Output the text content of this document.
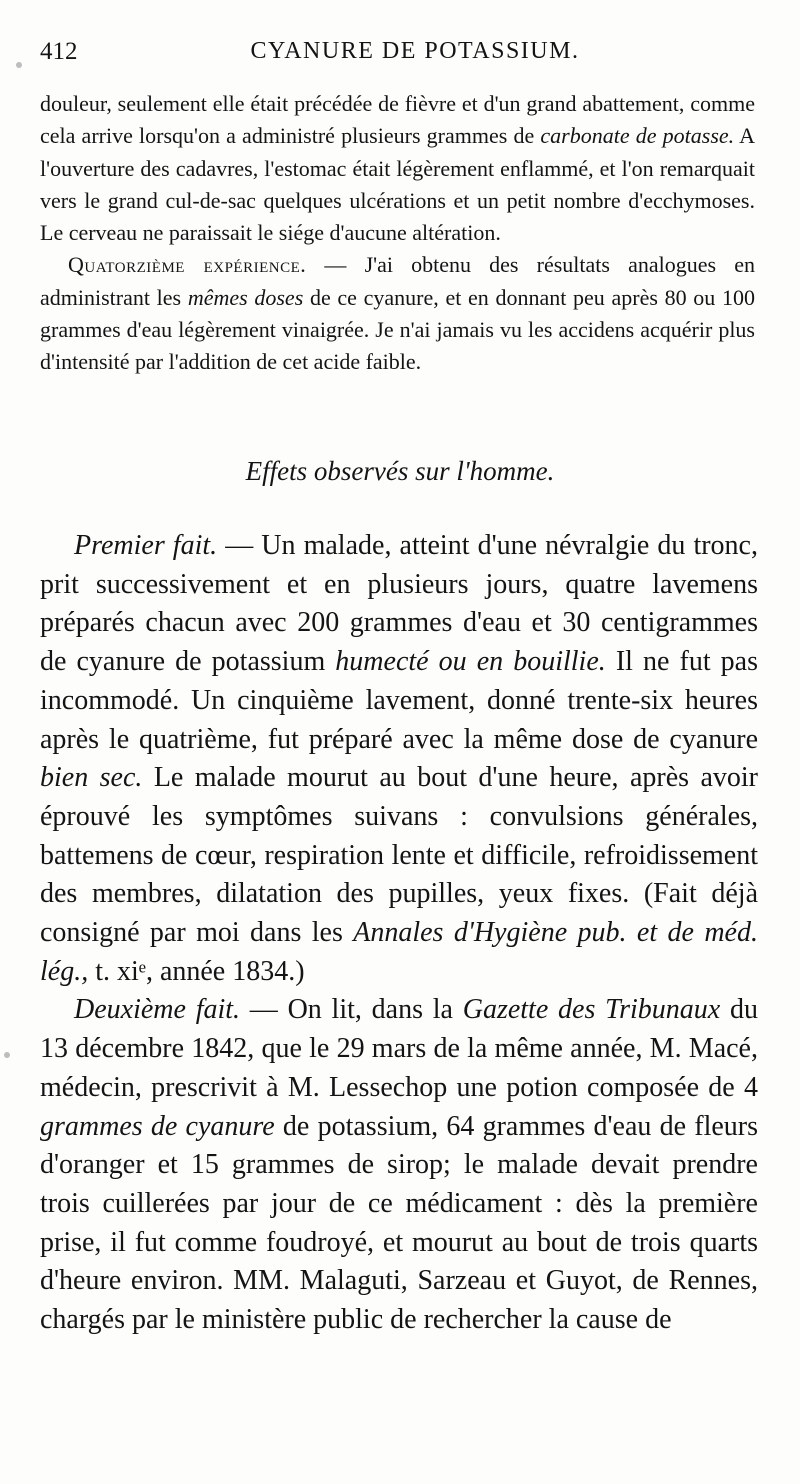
412	CYANURE DE POTASSIUM.

douleur, seulement elle était précédée de fièvre et d'un grand abattement, comme cela arrive lorsqu'on a administré plusieurs grammes de carbonate de potasse. A l'ouverture des cadavres, l'estomac était légèrement enflammé, et l'on remarquait vers le grand cul-de-sac quelques ulcérations et un petit nombre d'ecchymoses. Le cerveau ne paraissait le siége d'aucune altération.

Quatorzième expérience. — J'ai obtenu des résultats analogues en administrant les mêmes doses de ce cyanure, et en donnant peu après 80 ou 100 grammes d'eau légèrement vinaigrée. Je n'ai jamais vu les accidens acquérir plus d'intensité par l'addition de cet acide faible.

Effets observés sur l'homme.

Premier fait. — Un malade, atteint d'une névralgie du tronc, prit successivement et en plusieurs jours, quatre lavemens préparés chacun avec 200 grammes d'eau et 30 centigrammes de cyanure de potassium humecté ou en bouillie. Il ne fut pas incommodé. Un cinquième lavement, donné trente-six heures après le quatrième, fut préparé avec la même dose de cyanure bien sec. Le malade mourut au bout d'une heure, après avoir éprouvé les symptômes suivans : convulsions générales, battemens de cœur, respiration lente et difficile, refroidissement des membres, dilatation des pupilles, yeux fixes. (Fait déjà consigné par moi dans les Annales d'Hygiène pub. et de méd. lég., t. xiᵉ, année 1834.)

Deuxième fait. — On lit, dans la Gazette des Tribunaux du 13 décembre 1842, que le 29 mars de la même année, M. Macé, médecin, prescrivit à M. Lessechop une potion composée de 4 grammes de cyanure de potassium, 64 grammes d'eau de fleurs d'oranger et 15 grammes de sirop; le malade devait prendre trois cuillerées par jour de ce médicament : dès la première prise, il fut comme foudroyé, et mourut au bout de trois quarts d'heure environ. MM. Malaguti, Sarzeau et Guyot, de Rennes, chargés par le ministère public de rechercher la cause de
